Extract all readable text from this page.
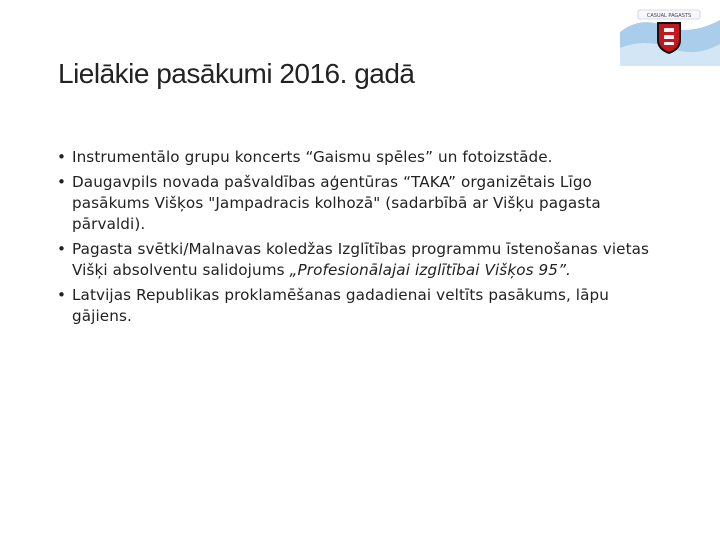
Lielākie pasākumi 2016. gadā
• Instrumentālo grupu koncerts “Gaismu spēles” un fotoizstāde.
• Daugavpils novada pašvaldības aģentūras “TAKA” organizētais Līgo pasākums Višķos "Jampadracis kolhozā" (sadarbībā ar Višķu pagasta pārvaldi).
• Pagasta svētki/Malnavas koledžas Izglītības programmu īstenošanas vietas Višķi absolventu salidojums „Profesionālajai izglītībai Višķos 95”.
• Latvijas Republikas proklamēšanas gadadienai veltīts pasākums, lāpu gājiens.
CASUAL PAGASTS
